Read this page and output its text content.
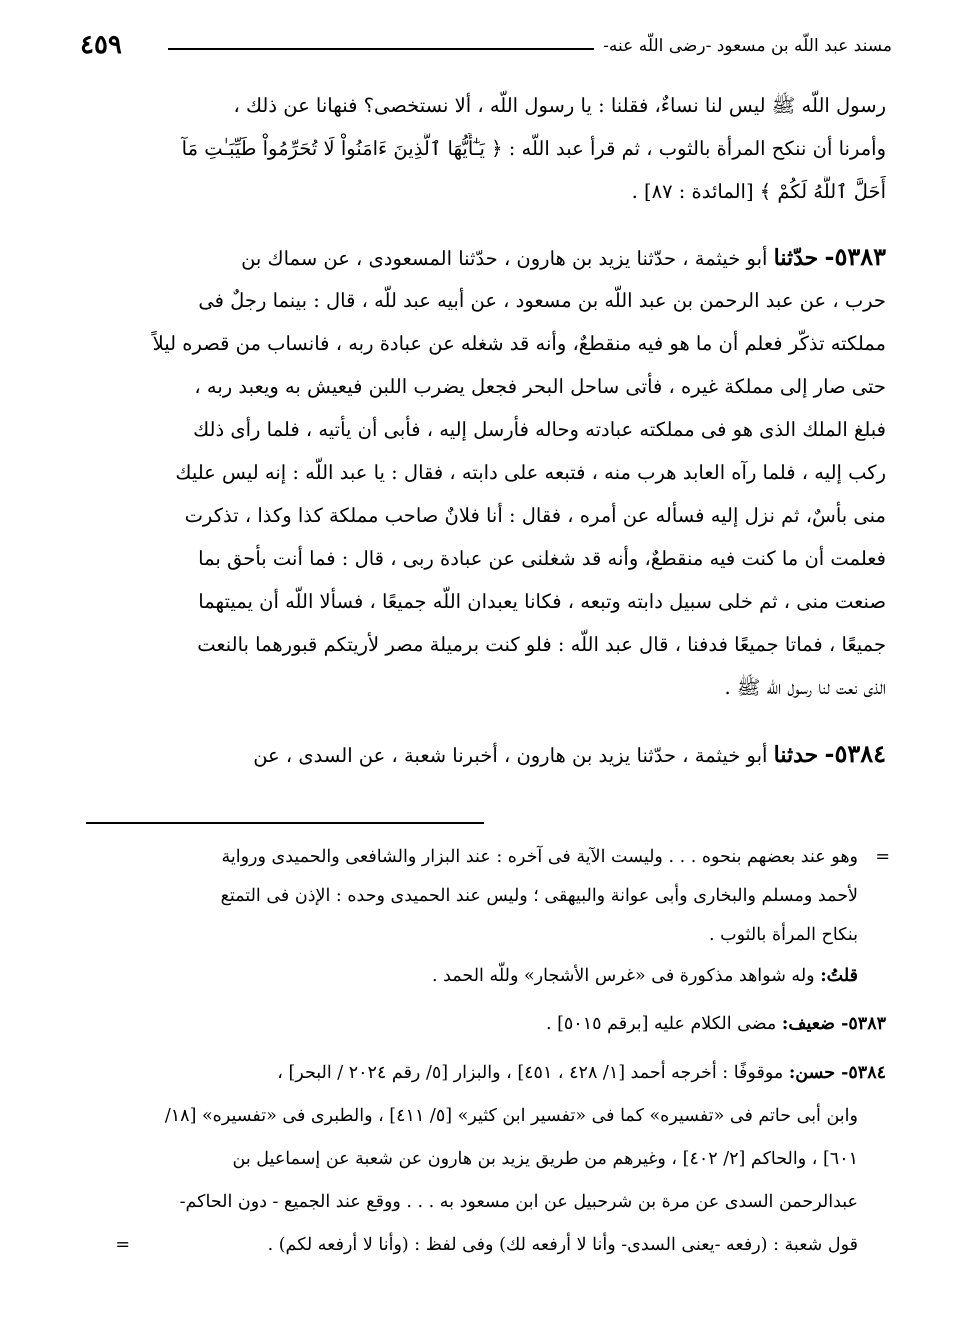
مسند عبد اللّه بن مسعود -رضى اللّه عنه-
٤٥٩
رسول اللّه ﷺ ليس لنا نساءٌ، فقلنا : يا رسول اللّه ، ألا نستخصى؟ فنهانا عن ذلك ،
وأمرنا أن ننكح المرأة بالثوب ، ثم قرأ عبد اللّه : ﴿ يَـٰٓأَيُّهَا ٱلَّذِينَ ءَامَنُواْ لَا تُحَرِّمُواْ طَيِّبَـٰتِ مَآ
أَحَلَّ ٱللَّهُ لَكُمْ ﴾ [المائدة : ٨٧] .
٥٣٨٣- حدّثنا أبو خيثمة ، حدّثنا يزيد بن هارون ، حدّثنا المسعودى ، عن سماك بن
حرب ، عن عبد الرحمن بن عبد اللّه بن مسعود ، عن أبيه عبد للّه ، قال : بينما رجلٌ فى
مملكته تذكّر فعلم أن ما هو فيه منقطعٌ، وأنه قد شغله عن عبادة ربه ، فانساب من قصره ليلاً
حتى صار إلى مملكة غيره ، فأتى ساحل البحر فجعل يضرب اللبن فيعيش به ويعبد ربه ،
فبلغ الملك الذى هو فى مملكته عبادته وحاله فأرسل إليه ، فأبى أن يأتيه ، فلما رأى ذلك
ركب إليه ، فلما رآه العابد هرب منه ، فتبعه على دابته ، فقال : يا عبد اللّه : إنه ليس عليك
منى بأسٌ، ثم نزل إليه فسأله عن أمره ، فقال : أنا فلانٌ صاحب مملكة كذا وكذا ، تذكرت
فعلمت أن ما كنت فيه منقطعٌ، وأنه قد شغلنى عن عبادة ربى ، قال : فما أنت بأحق بما
صنعت منى ، ثم خلى سبيل دابته وتبعه ، فكانا يعبدان اللّه جميعًا ، فسألا اللّه أن يميتهما
جميعًا ، فماتا جميعًا فدفنا ، قال عبد اللّه : فلو كنت برميلة مصر لأريتكم قبورهما بالنعت
الذى نعت لنا رسول اللّه ﷺ .
٥٣٨٤- حدثنا أبو خيثمة ، حدّثنا يزيد بن هارون ، أخبرنا شعبة ، عن السدى ، عن
=
وهو عند بعضهم بنحوه . . . وليست الآية فى آخره : عند البزار والشافعى والحميدى ورواية
لأحمد ومسلم والبخارى وأبى عوانة والبيهقى ؛ وليس عند الحميدى وحده : الإذن فى التمتع
بنكاح المرأة بالثوب .
قلتُ: وله شواهد مذكورة فى «غرس الأشجار» وللّه الحمد .
٥٣٨٣- ضعيف: مضى الكلام عليه [برقم ٥٠١٥] .
٥٣٨٤- حسن: موقوفًا : أخرجه أحمد [١/ ٤٢٨ ، ٤٥١] ، والبزار [٥/ رقم ٢٠٢٤ / البحر] ،
وابن أبى حاتم فى «تفسيره» كما فى «تفسير ابن كثير» [٥/ ٤١١] ، والطبرى فى «تفسيره» [١٨/
٦٠١] ، والحاكم [٢/ ٤٠٢] ، وغيرهم من طريق يزيد بن هارون عن شعبة عن إسماعيل بن
عبدالرحمن السدى عن مرة بن شرحبيل عن ابن مسعود به . . . ووقع عند الجميع - دون الحاكم-
قول شعبة : (رفعه -يعنى السدى- وأنا لا أرفعه لك) وفى لفظ : (وأنا لا أرفعه لكم) .
=
